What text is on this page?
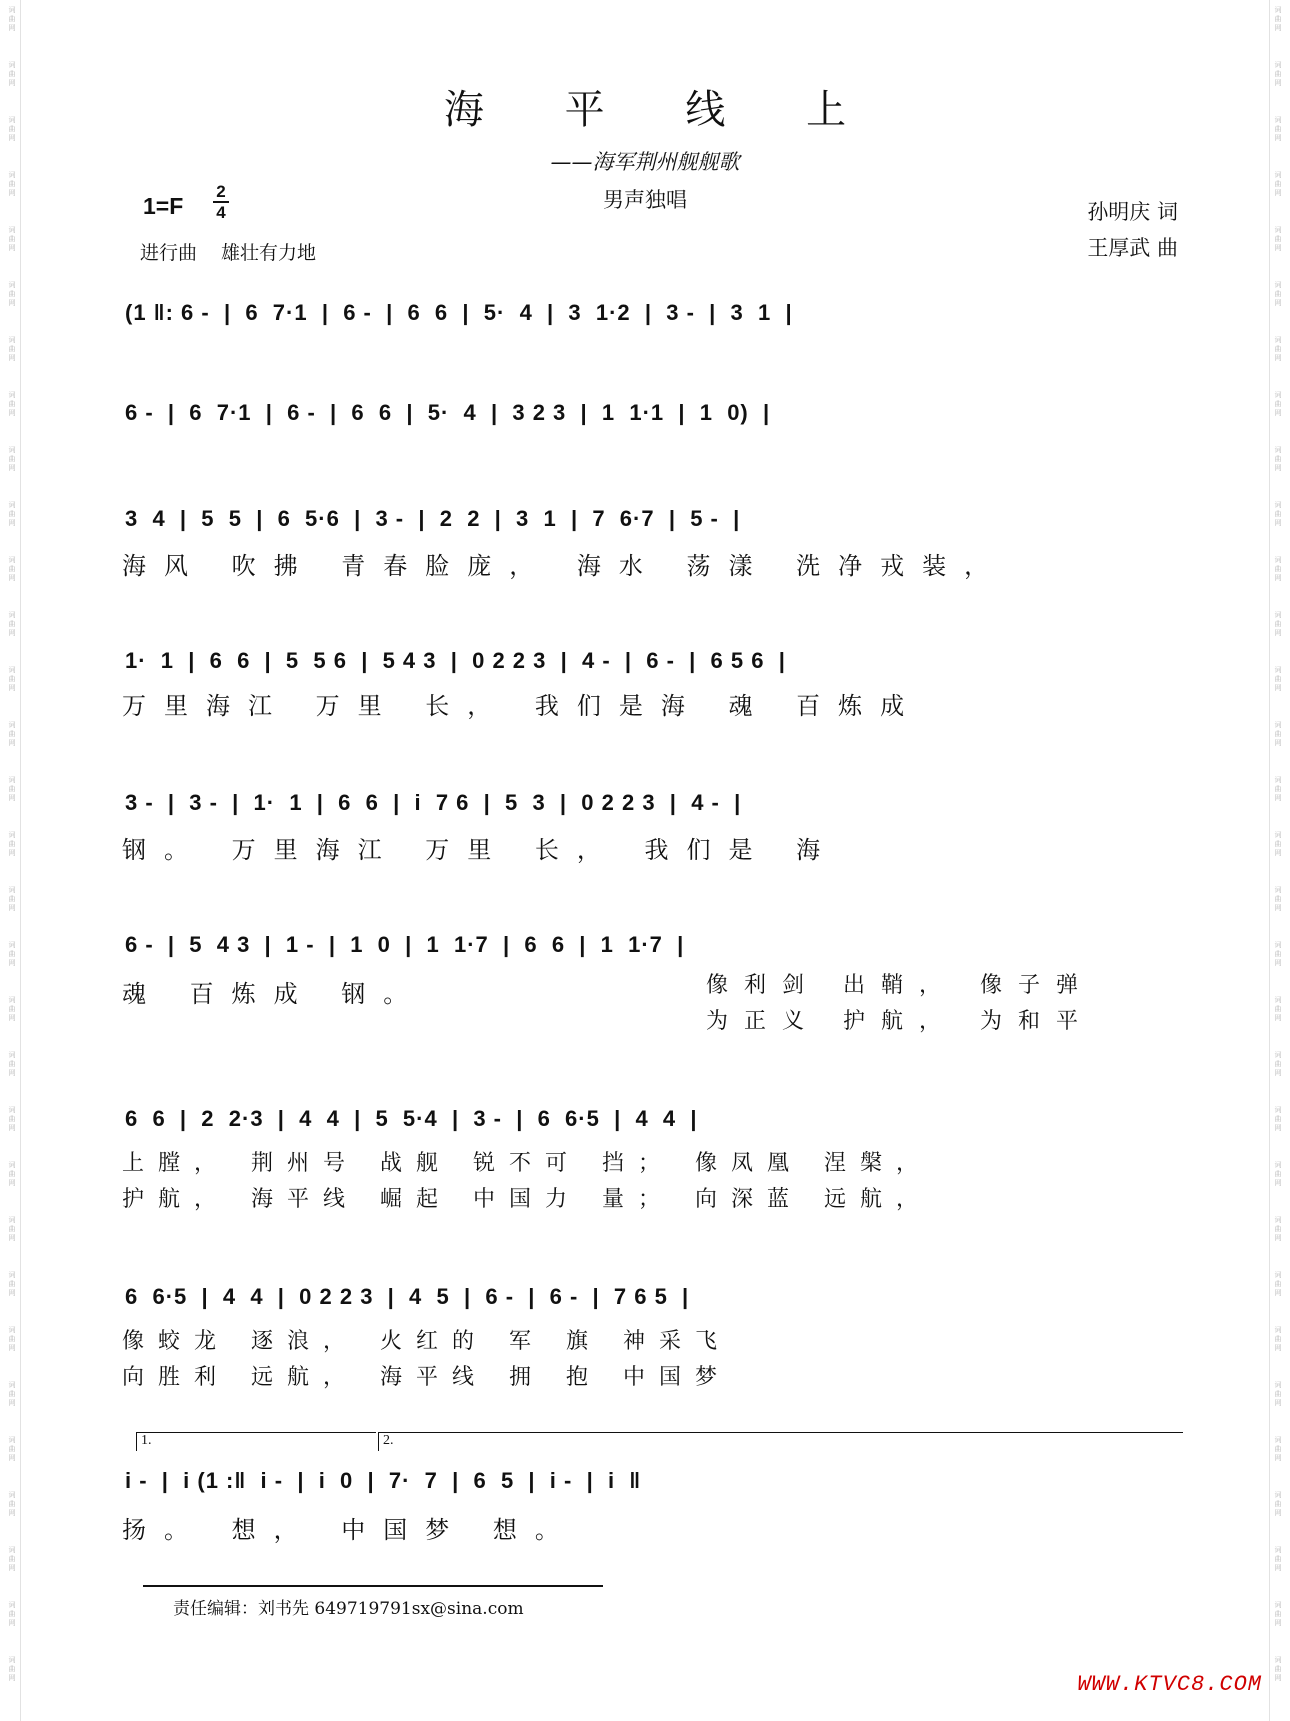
词
曲
网
词
曲
网
词
曲
网
词
曲
网
词
曲
网
词
曲
网
词
曲
网
词
曲
网
词
曲
网
词
曲
网
词
曲
网
词
曲
网
词
曲
网
词
曲
网
词
曲
网
词
曲
网
词
曲
网
词
曲
网
词
曲
网
词
曲
网
词
曲
网
词
曲
网
词
曲
网
词
曲
网
词
曲
网
词
曲
网
词
曲
网
词
曲
网
词
曲
网
词
曲
网
词
曲
网
词
曲
网
词
曲
网
词
曲
网
词
曲
网
词
曲
网
词
曲
网
词
曲
网
词
曲
网
词
曲
网
词
曲
网
词
曲
网
词
曲
网
词
曲
网
词
曲
网
词
曲
网
词
曲
网
词
曲
网
词
曲
网
词
曲
网
词
曲
网
词
曲
网
词
曲
网
词
曲
网
词
曲
网
词
曲
网
词
曲
网
词
曲
网
词
曲
网
词
曲
网
词
曲
网
词
曲
网
海 平 线 上
——海军荆州舰舰歌
男声独唱
1=F
2
4
进行曲 雄壮有力地
孙明庆 词
王厚武 曲
(1 ‖: 6 -  |  6  7·1  |  6 -  |  6  6  |  5·  4  |  3  1·2  |  3 -  |  3  1  |
6 -  |  6  7·1  |  6 -  |  6  6  |  5·  4  |  3 2 3  |  1  1·1  |  1  0)  |
3  4  |  5  5  |  6  5·6  |  3 -  |  2  2  |  3  1  |  7  6·7  |  5 -  |
海风 吹拂 青春脸庞， 海水 荡漾 洗净戎装，
1·  1  |  6  6  |  5  5 6  |  5 4 3  |  0 2 2 3  |  4 -  |  6 -  |  6 5 6  |
万里海江 万里 长， 我们是海 魂 百炼成
3 -  |  3 -  |  1·  1  |  6  6  |  i  7 6  |  5  3  |  0 2 2 3  |  4 -  |
钢。 万里海江 万里 长， 我们是 海
6 -  |  5  4 3  |  1 -  |  1  0  |  1  1·7  |  6  6  |  1  1·7  |
魂 百炼成 钢。	像利剑 出鞘， 像子弹
为正义 护航， 为和平
6  6  |  2  2·3  |  4  4  |  5  5·4  |  3 -  |  6  6·5  |  4  4  |
上膛， 荆州号 战舰 锐不可 挡； 像凤凰 涅槃，
护航， 海平线 崛起 中国力 量； 向深蓝 远航，
6  6·5  |  4  4  |  0 2 2 3  |  4  5  |  6 -  |  6 -  |  7 6 5  |
像蛟龙 逐浪， 火红的 军 旗 神采飞
向胜利 远航， 海平线 拥 抱 中国梦
1.	2.
i -  |  i (1 :‖  i -  |  i  0  |  7·  7  |  6  5  |  i -  |  i  ‖
扬。 想， 中国梦 想。
责任编辑：刘书先 649719791sx@sina.com
WWW.KTVC8.COM
